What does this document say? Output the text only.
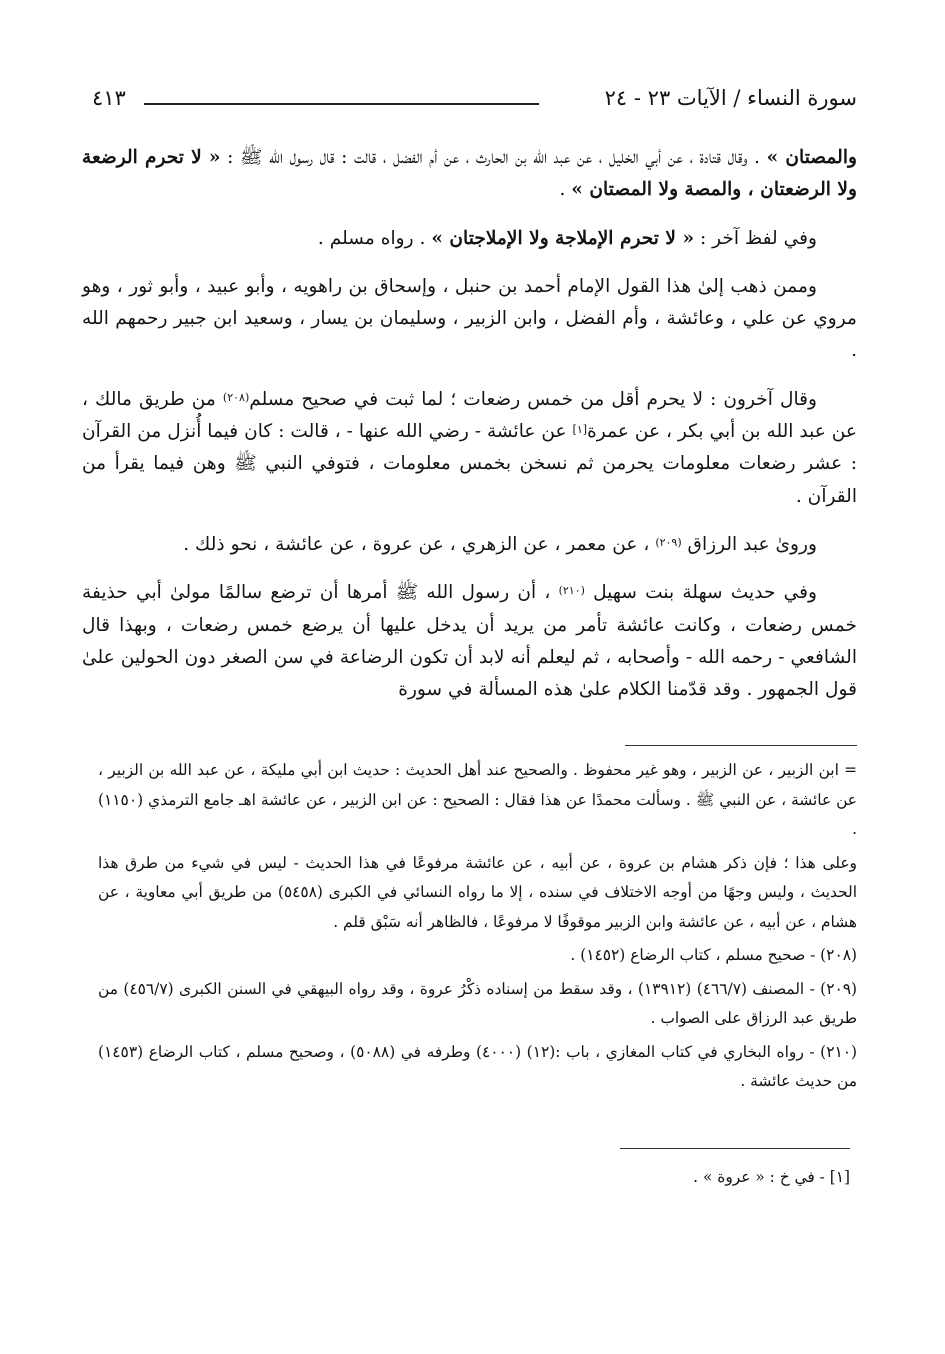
سورة النساء / الآيات ٢٣ - ٢٤
٤١٣

والمصتان » . وقال قتادة ، عن أبي الخليل ، عن عبد الله بن الحارث ، عن أم الفضل ، قالت : قال رسول الله ﷺ : « لا تحرم الرضعة ولا الرضعتان ، والمصة ولا المصتان » .

وفي لفظ آخر : « لا تحرم الإملاجة ولا الإملاجتان » . رواه مسلم .

وممن ذهب إلىٰ هذا القول الإمام أحمد بن حنبل ، وإسحاق بن راهويه ، وأبو عبيد ، وأبو ثور ، وهو مروي عن علي ، وعائشة ، وأم الفضل ، وابن الزبير ، وسليمان بن يسار ، وسعيد ابن جبير رحمهم الله .

وقال آخرون : لا يحرم أقل من خمس رضعات ؛ لما ثبت في صحيح مسلم$^{(٢٠٨)}$ من طريق مالك ، عن عبد الله بن أبي بكر ، عن عمرة[١] عن عائشة - رضي الله عنها - ، قالت : كان فيما أُنزل من القرآن : عشر رضعات معلومات يحرمن ثم نسخن بخمس معلومات ، فتوفي النبي ﷺ وهن فيما يقرأ من القرآن .

وروىٰ عبد الرزاق $^{(٢٠٩)}$ ، عن معمر ، عن الزهري ، عن عروة ، عن عائشة ، نحو ذلك .

وفي حديث سهلة بنت سهيل $^{(٢١٠)}$ ، أن رسول الله ﷺ أمرها أن ترضع سالمًا مولىٰ أبي حذيفة خمس رضعات ، وكانت عائشة تأمر من يريد أن يدخل عليها أن يرضع خمس رضعات ، وبهذا قال الشافعي - رحمه الله - وأصحابه ، ثم ليعلم أنه لابد أن تكون الرضاعة في سن الصغر دون الحولين علىٰ قول الجمهور . وقد قدّمنا الكلام علىٰ هذه المسألة في سورة

= ابن الزبير ، عن الزبير ، وهو غير محفوظ . والصحيح عند أهل الحديث : حديث ابن أبي مليكة ، عن عبد الله بن الزبير ، عن عائشة ، عن النبي ﷺ . وسألت محمدًا عن هذا فقال : الصحيح : عن ابن الزبير ، عن عائشة اهـ جامع الترمذي (١١٥٠) .

وعلى هذا ؛ فإن ذكر هشام بن عروة ، عن أبيه ، عن عائشة مرفوعًا في هذا الحديث - ليس في شيء من طرق هذا الحديث ، وليس وجهًا من أوجه الاختلاف في سنده ، إلا ما رواه النسائي في الكبرى (٥٤٥٨) من طريق أبي معاوية ، عن هشام ، عن أبيه ، عن عائشة وابن الزبير موقوفًا لا مرفوعًا ، فالظاهر أنه سَبْق قلم .

(٢٠٨) - صحيح مسلم ، كتاب الرضاع (١٤٥٢) .

(٢٠٩) - المصنف (٤٦٦/٧) (١٣٩١٢) ، وقد سقط من إسناده ذكْرُ عروة ، وقد رواه البيهقي في السنن الكبرى (٤٥٦/٧) من طريق عبد الرزاق على الصواب .

(٢١٠) - رواه البخاري في كتاب المغازي ، باب :(١٢) (٤٠٠٠) وطرفه في (٥٠٨٨) ، وصحيح مسلم ، كتاب الرضاع (١٤٥٣) من حديث عائشة .

[١] - في خ : « عروة » .
